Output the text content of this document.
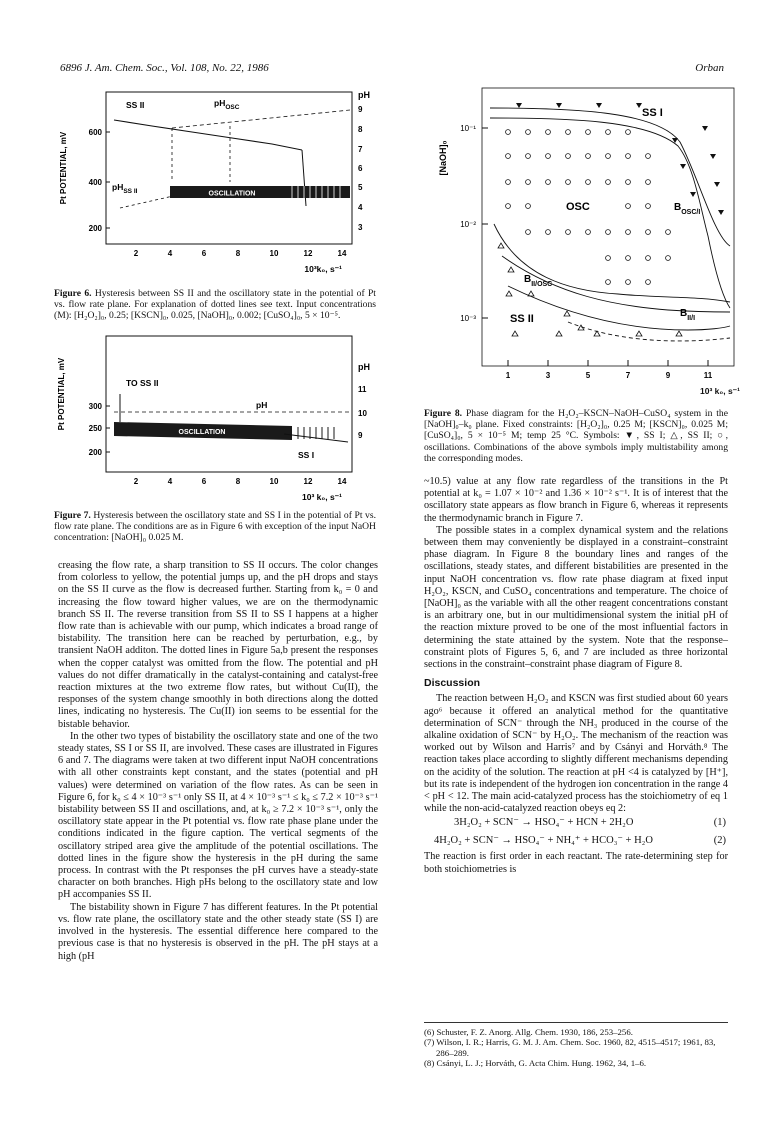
6896 J. Am. Chem. Soc., Vol. 108, No. 22, 1986	Orban
Pt POTENTIAL, mV
pH
600
400
200
9
8
7
6
5
4
3
2	4	6	8	10	12	14
10³k₀, s⁻¹
SS II	$pH_{OSC}$
$pH_{SS II}$	OSCILLATION
Figure 6. Hysteresis between SS II and the oscillatory state in the potential of Pt vs. flow rate plane. For explanation of dotted lines see text. Input concentrations (M): [H₂O₂]₀, 0.25; [KSCN]₀, 0.025, [NaOH]₀, 0.002; [CuSO₄]₀, 5 × 10⁻⁵.
Pt POTENTIAL, mV	pH
300
250
200
11
10
9
2	4	6	8	10	12	14
10³ k₀, s⁻¹
TO SS II
pH
OSCILLATION
SS I
Figure 7. Hysteresis between the oscillatory state and SS I in the potential of Pt vs. flow rate plane. The conditions are as in Figure 6 with exception of the input NaOH concentration: [NaOH]₀ 0.025 M.

creasing the flow rate, a sharp transition to SS II occurs. The color changes from colorless to yellow, the potential jumps up, and the pH drops and stays on the SS II curve as the flow is decreased further. Starting from k₀ = 0 and increasing the flow toward higher values, we are on the thermodynamic branch SS II. The reverse transition from SS II to SS I happens at a higher flow rate than is achievable with our pump, which indicates a broad range of bistability. The transition here can be reached by perturbation, e.g., by transient NaOH additon. The dotted lines in Figure 5a,b present the responses when the copper catalyst was omitted from the flow. The potential and pH values do not differ dramatically in the catalyst-containing and catalyst-free reaction mixtures at the two extreme flow rates, but without Cu(II), the responses of the system change smoothly in both directions along the dotted lines, indicating no hysteresis. The Cu(II) ion seems to be essential for the bistable behavior.

In the other two types of bistability the oscillatory state and one of the two steady states, SS I or SS II, are involved. These cases are illustrated in Figures 6 and 7. The diagrams were taken at two different input NaOH concentrations with all other constraints kept constant, and the states (potential and pH values) were determined on variation of the flow rates. As can be seen in Figure 6, for k₀ ≤ 4 × 10⁻³ s⁻¹ only SS II, at 4 × 10⁻³ s⁻¹ ≤ k₀ ≤ 7.2 × 10⁻³ s⁻¹ bistability between SS II and oscillations, and, at k₀ ≥ 7.2 × 10⁻³ s⁻¹, only the oscillatory state appear in the Pt potential vs. flow rate phase plane under the conditions indicated in the figure caption. The vertical segments of the oscillatory striped area give the amplitude of the potential oscillations. The dotted lines in the figure show the hysteresis in the pH during the same process. In contrast with the Pt responses the pH curves have a steady-state character on both branches. High pHs belong to the oscillatory state and low pH accompanies SS II.

The bistability shown in Figure 7 has different features. In the Pt potential vs. flow rate plane, the oscillatory state and the other steady state (SS I) are involved in the hysteresis. The essential difference here compared to the previous case is that no hysteresis is observed in the pH. The pH stays at a high (pH

[NaOH]₀
10⁻¹
10⁻²
10⁻³
1	3	5	7	9	11
SS I
OSC
SS II
$B_{OSC/I}$
$B_{II/OSC}$
$B_{II/I}$
10³ k₀, s⁻¹
Figure 8. Phase diagram for the H₂O₂–KSCN–NaOH–CuSO₄ system in the [NaOH]₀–k₀ plane. Fixed constraints: [H₂O₂]₀, 0.25 M; [KSCN]₀, 0.025 M; [CuSO₄]₀, 5 × 10⁻⁵ M; temp 25 °C. Symbols: ▼, SS I; △, SS II; ○, oscillations. Combinations of the above symbols imply multistability among the corresponding modes.

~10.5) value at any flow rate regardless of the transitions in the Pt potential at k₀ = 1.07 × 10⁻² and 1.36 × 10⁻² s⁻¹. It is of interest that the oscillatory state appears as flow branch in Figure 6, whereas it represents the thermodynamic branch in Figure 7.

The possible states in a complex dynamical system and the relations between them may conveniently be displayed in a constraint–constraint phase diagram. In Figure 8 the boundary lines and ranges of the oscillations, steady states, and different bistabilities are presented in the input NaOH concentration vs. flow rate phase diagram at fixed input H₂O₂, KSCN, and CuSO₄ concentrations and temperature. The choice of [NaOH]₀ as the variable with all the other reagent concentrations constant is an arbitrary one, but in our multidimensional system the initial pH of the reaction mixture proved to be one of the most influential factors in determining the state attained by the system. Note that the response–constraint plots of Figures 5, 6, and 7 are included as three horizontal sections in the constraint–constraint phase diagram of Figure 8.

Discussion

The reaction between H₂O₂ and KSCN was first studied about 60 years ago⁶ because it offered an analytical method for the quantitative determination of SCN⁻ through the NH₃ produced in the course of the alkaline oxidation of SCN⁻ by H₂O₂. The mechanism of the reaction was worked out by Wilson and Harris⁷ and by Csányi and Horváth.⁸ The reaction takes place according to slightly different mechanisms depending on the acidity of the solution. The reaction at pH <4 is catalyzed by [H⁺], but its rate is independent of the hydrogen ion concentration in the range 4 < pH < 12. The main acid-catalyzed process has the stoichiometry of eq 1 while the non-acid-catalyzed reaction obeys eq 2:

3H₂O₂ + SCN⁻ → HSO₄⁻ + HCN + 2H₂O	(1)
4H₂O₂ + SCN⁻ → HSO₄⁻ + NH₄⁺ + HCO₃⁻ + H₂O	(2)

The reaction is first order in each reactant. The rate-determining step for both stoichiometries is

(6) Schuster, F. Z. Anorg. Allg. Chem. 1930, 186, 253–256.
(7) Wilson, I. R.; Harris, G. M. J. Am. Chem. Soc. 1960, 82, 4515–4517; 1961, 83, 286–289.
(8) Csányi, L. J.; Horváth, G. Acta Chim. Hung. 1962, 34, 1–6.
